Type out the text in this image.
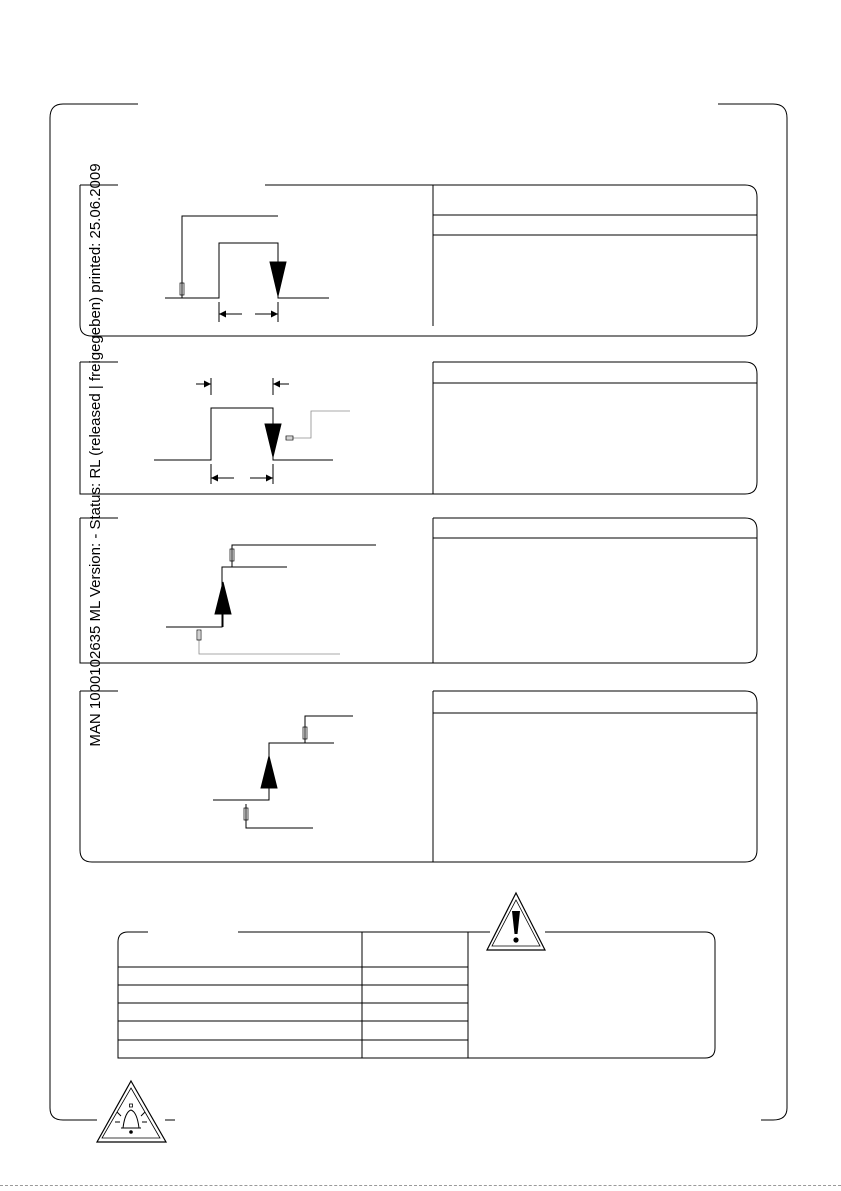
MAN 1000102635 ML Version: - Status: RL (released | freigegeben) printed: 25.06.2009
